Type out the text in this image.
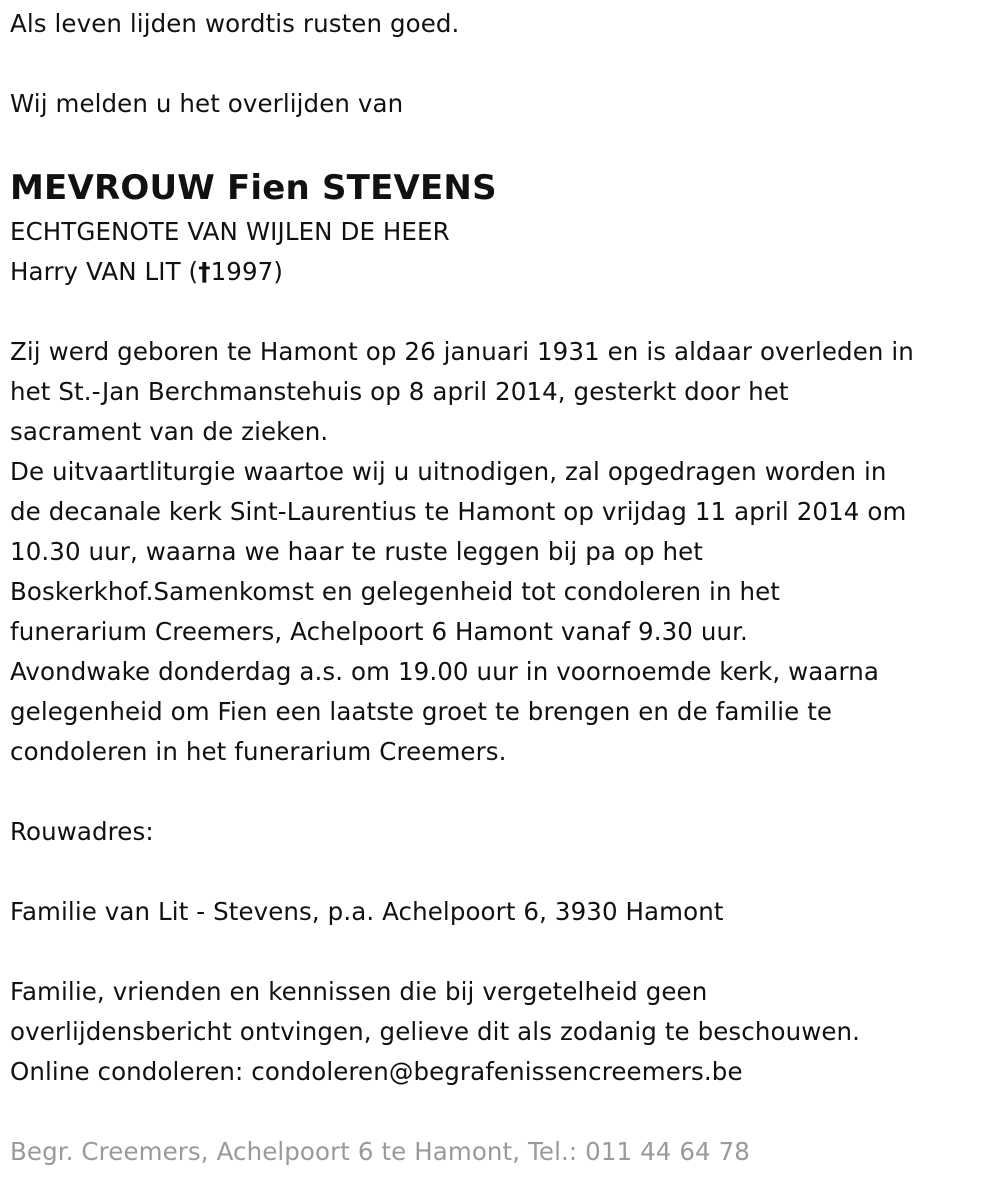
Als leven lijden wordtis rusten goed.
Wij melden u het overlijden van
MEVROUW Fien STEVENS
ECHTGENOTE VAN WIJLEN DE HEER
Harry VAN LIT (†1997)
Zij werd geboren te Hamont op 26 januari 1931 en is aldaar overleden in
het St.-Jan Berchmanstehuis op 8 april 2014, gesterkt door het
sacrament van de zieken.
De uitvaartliturgie waartoe wij u uitnodigen, zal opgedragen worden in
de decanale kerk Sint-Laurentius te Hamont op vrijdag 11 april 2014 om
10.30 uur, waarna we haar te ruste leggen bij pa op het
Boskerkhof.Samenkomst en gelegenheid tot condoleren in het
funerarium Creemers, Achelpoort 6 Hamont vanaf 9.30 uur.
Avondwake donderdag a.s. om 19.00 uur in voornoemde kerk, waarna
gelegenheid om Fien een laatste groet te brengen en de familie te
condoleren in het funerarium Creemers.
Rouwadres:
Familie van Lit - Stevens, p.a. Achelpoort 6, 3930 Hamont
Familie, vrienden en kennissen die bij vergetelheid geen
overlijdensbericht ontvingen, gelieve dit als zodanig te beschouwen.
Online condoleren: condoleren@begrafenissencreemers.be
Begr. Creemers, Achelpoort 6 te Hamont, Tel.: 011 44 64 78
